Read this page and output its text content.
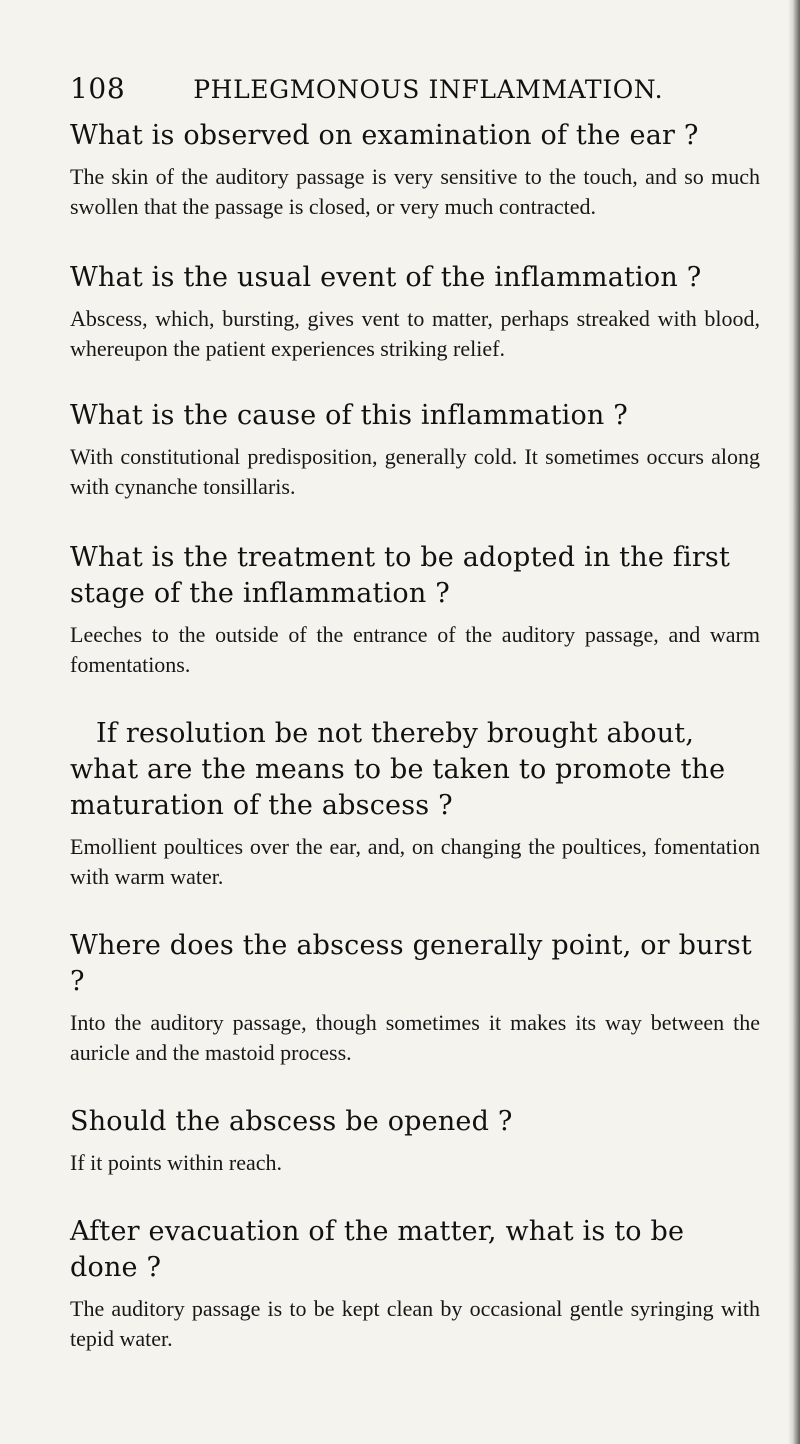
108	PHLEGMONOUS INFLAMMATION.
What is observed on examination of the ear ?
The skin of the auditory passage is very sensitive to the touch, and so much swollen that the passage is closed, or very much contracted.
What is the usual event of the inflammation ?
Abscess, which, bursting, gives vent to matter, perhaps streaked with blood, whereupon the patient experiences striking relief.
What is the cause of this inflammation ?
With constitutional predisposition, generally cold. It sometimes occurs along with cynanche tonsillaris.
What is the treatment to be adopted in the first stage of the inflammation ?
Leeches to the outside of the entrance of the auditory passage, and warm fomentations.
If resolution be not thereby brought about, what are the means to be taken to promote the maturation of the abscess ?
Emollient poultices over the ear, and, on changing the poultices, fomentation with warm water.
Where does the abscess generally point, or burst ?
Into the auditory passage, though sometimes it makes its way between the auricle and the mastoid process.
Should the abscess be opened ?
If it points within reach.
After evacuation of the matter, what is to be done ?
The auditory passage is to be kept clean by occasional gentle syringing with tepid water.
